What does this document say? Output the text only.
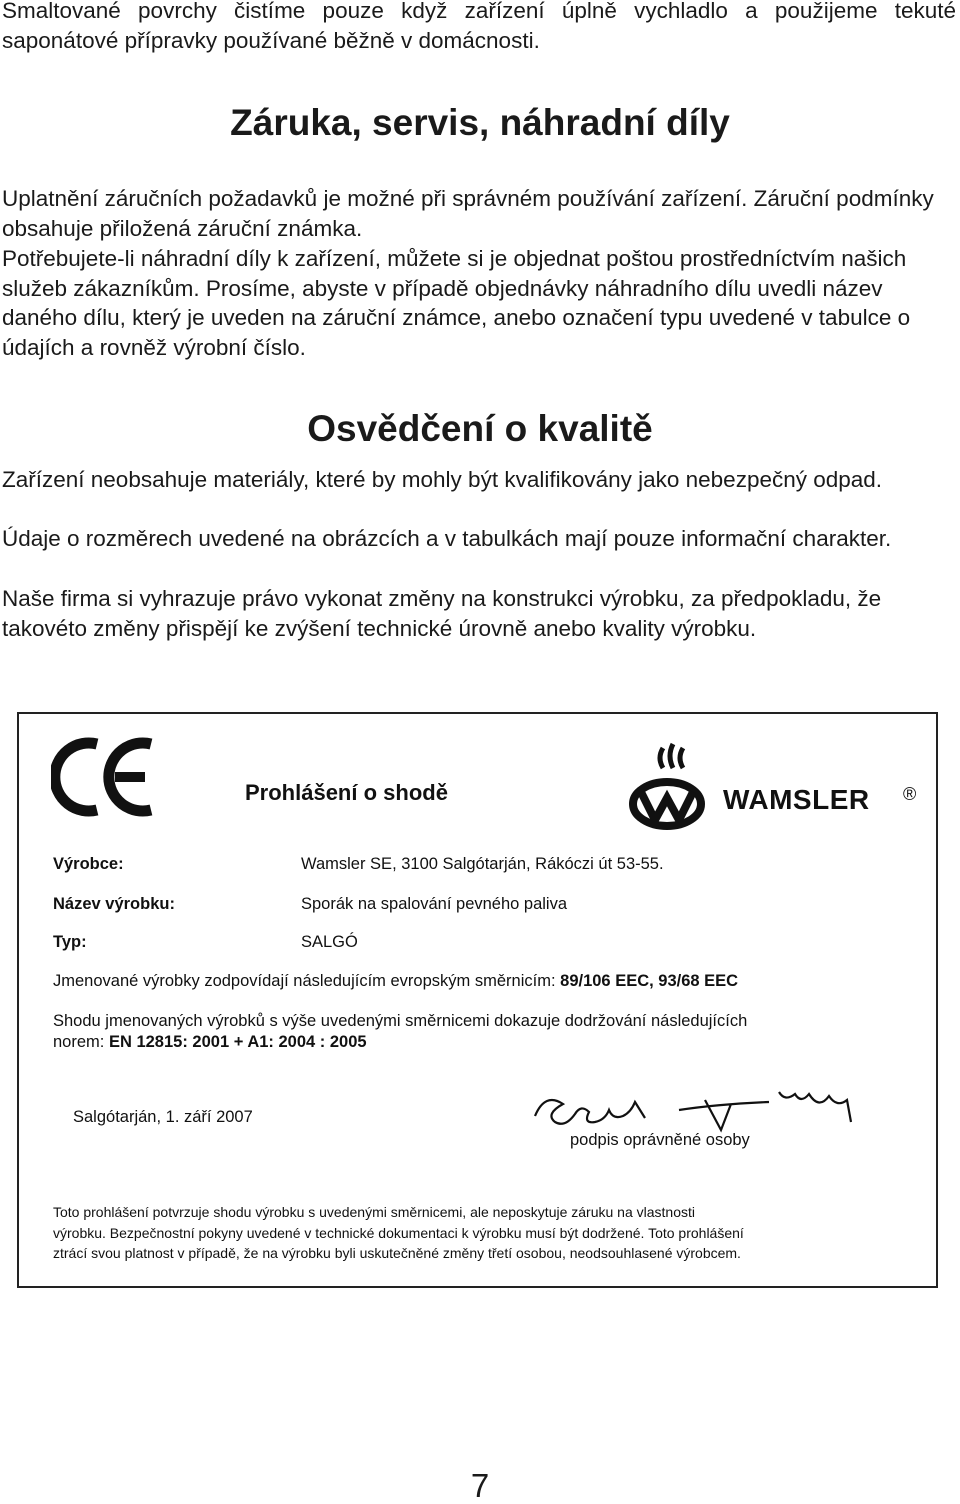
Smaltované povrchy čistíme pouze když zařízení úplně vychladlo a použijeme tekuté saponátové přípravky používané běžně v domácnosti.

Záruka, servis, náhradní díly

Uplatnění záručních požadavků je možné při správném používání zařízení. Záruční podmínky obsahuje přiložená záruční známka.

Potřebujete-li náhradní díly k zařízení, můžete si je objednat poštou prostředníctvím našich služeb zákazníkům. Prosíme, abyste v případě objednávky náhradního dílu uvedli název daného dílu, který je uveden na záruční známce, anebo označení typu uvedené v tabulce o údajích a rovněž výrobní číslo.

Osvědčení o kvalitě

Zařízení neobsahuje materiály, které by mohly být kvalifikovány jako nebezpečný odpad.

Údaje o rozměrech uvedené na obrázcích a v tabulkách mají pouze informační charakter.

Naše firma si vyhrazuje právo vykonat změny na konstrukci výrobku, za předpokladu, že takovéto změny přispějí ke zvýšení technické úrovně anebo kvality výrobku.

Prohlášení o shodě	WAMSLER ®
Výrobce:	Wamsler SE, 3100 Salgótarján, Rákóczi út 53-55.
Název výrobku:	Sporák na spalování pevného paliva
Typ:	SALGÓ
Jmenované výrobky zodpovídají následujícím evropským směrnicím: 89/106 EEC, 93/68 EEC
Shodu jmenovaných výrobků s výše uvedenými směrnicemi dokazuje dodržování následujících
norem: EN 12815: 2001 + A1: 2004 : 2005
Salgótarján, 1. září 2007
podpis oprávněné osoby
Toto prohlášení potvrzuje shodu výrobku s uvedenými směrnicemi, ale neposkytuje záruku na vlastnosti
výrobku. Bezpečnostní pokyny uvedené v technické dokumentaci k výrobku musí být dodržené. Toto prohlášení
ztrácí svou platnost v případě, že na výrobku byli uskutečněné změny třetí osobou, neodsouhlasené výrobcem.
7
